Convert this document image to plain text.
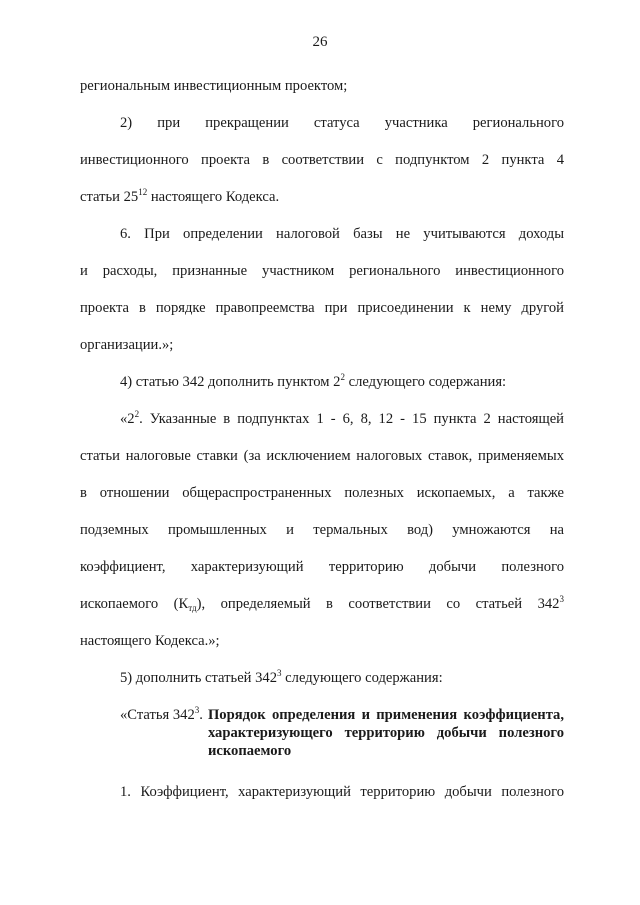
26
региональным инвестиционным проектом;
2) при прекращении статуса участника регионального
инвестиционного проекта в соответствии с подпунктом 2 пункта 4
статьи $25^{12}$ настоящего Кодекса.
6. При определении налоговой базы не учитываются доходы
и расходы, признанные участником регионального инвестиционного
проекта в порядке правопреемства при присоединении к нему другой
организации.»;
4) статью 342 дополнить пунктом $2^2$ следующего содержания:
«$2^2$. Указанные в подпунктах 1 - 6, 8, 12 - 15 пункта 2 настоящей
статьи налоговые ставки (за исключением налоговых ставок, применяемых
в отношении общераспространенных полезных ископаемых, а также
подземных промышленных и термальных вод) умножаются на
коэффициент, характеризующий территорию добычи полезного
ископаемого $(К_{тд})$, определяемый в соответствии со статьей $342^3$
настоящего Кодекса.»;
5) дополнить статьей $342^3$ следующего содержания:
«Статья $342^3$. Порядок определения и применения коэффициента,
характеризующего территорию добычи полезного
ископаемого
1. Коэффициент, характеризующий территорию добычи полезного
